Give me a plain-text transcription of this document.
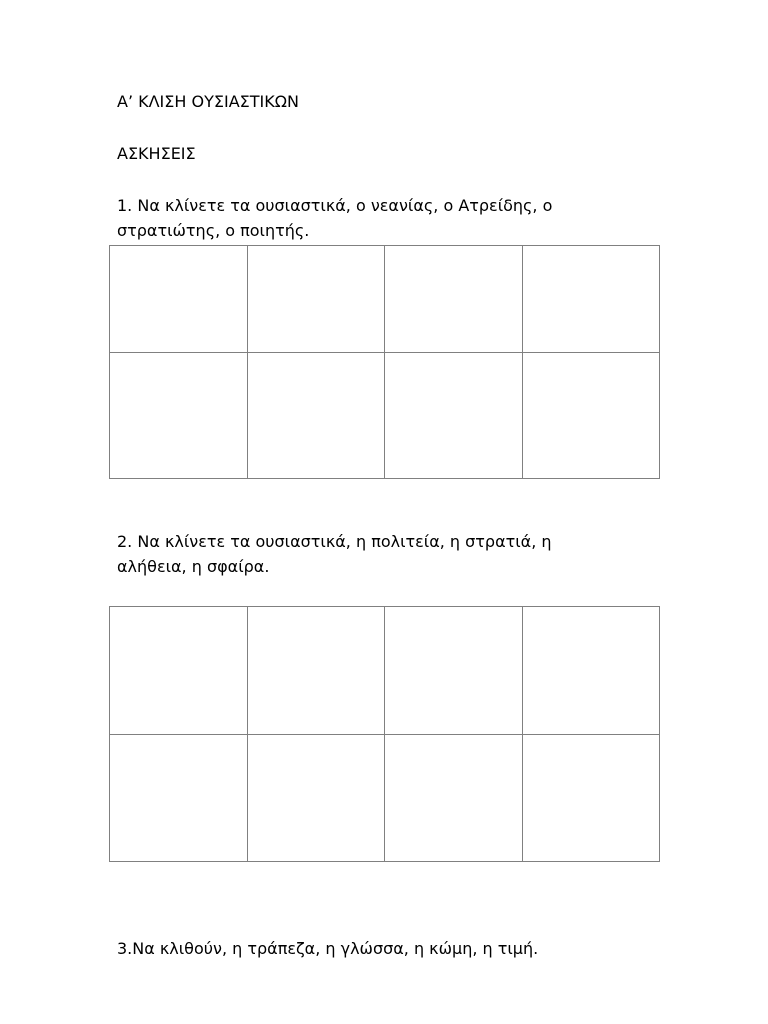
Α’ ΚΛΙΣΗ ΟΥΣΙΑΣΤΙΚΩΝ
ΑΣΚΗΣΕΙΣ

1. Να κλίνετε τα ουσιαστικά, ο νεανίας, ο Ατρείδης, ο

στρατιώτης, ο ποιητής.

2. Να κλίνετε τα ουσιαστικά, η πολιτεία, η στρατιά, η

αλήθεια, η σφαίρα.

3.Να κλιθούν, η τράπεζα, η γλώσσα, η κώμη, η τιμή.
